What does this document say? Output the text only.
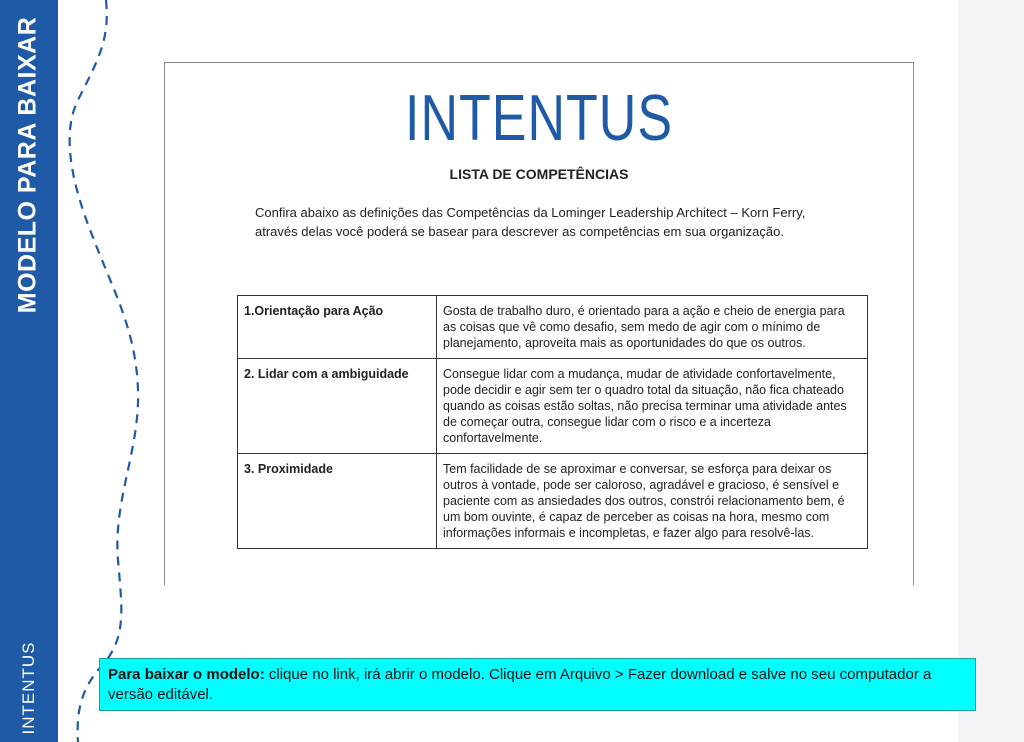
MODELO PARA BAIXAR
INTENTUS
INTENTUS
LISTA DE COMPETÊNCIAS
Confira abaixo as definições das Competências da Lominger Leadership Architect – Korn Ferry, através delas você poderá se basear para descrever as competências em sua organização.
1.Orientação para Ação	Gosta de trabalho duro, é orientado para a ação e cheio de energia para as coisas que vê como desafio, sem medo de agir com o mínimo de planejamento, aproveita mais as oportunidades do que os outros.
2. Lidar com a ambiguidade	Consegue lidar com a mudança, mudar de atividade confortavelmente, pode decidir e agir sem ter o quadro total da situação, não fica chateado quando as coisas estão soltas, não precisa terminar uma atividade antes de começar outra, consegue lidar com o risco e a incerteza confortavelmente.
3. Proximidade	Tem facilidade de se aproximar e conversar, se esforça para deixar os outros à vontade, pode ser caloroso, agradável e gracioso, é sensível e paciente com as ansiedades dos outros, constrói relacionamento bem, é um bom ouvinte, é capaz de perceber as coisas na hora, mesmo com informações informais e incompletas, e fazer algo para resolvê-las.
Para baixar o modelo: clique no link, irá abrir o modelo. Clique em Arquivo > Fazer download e salve no seu computador a versão editável.
